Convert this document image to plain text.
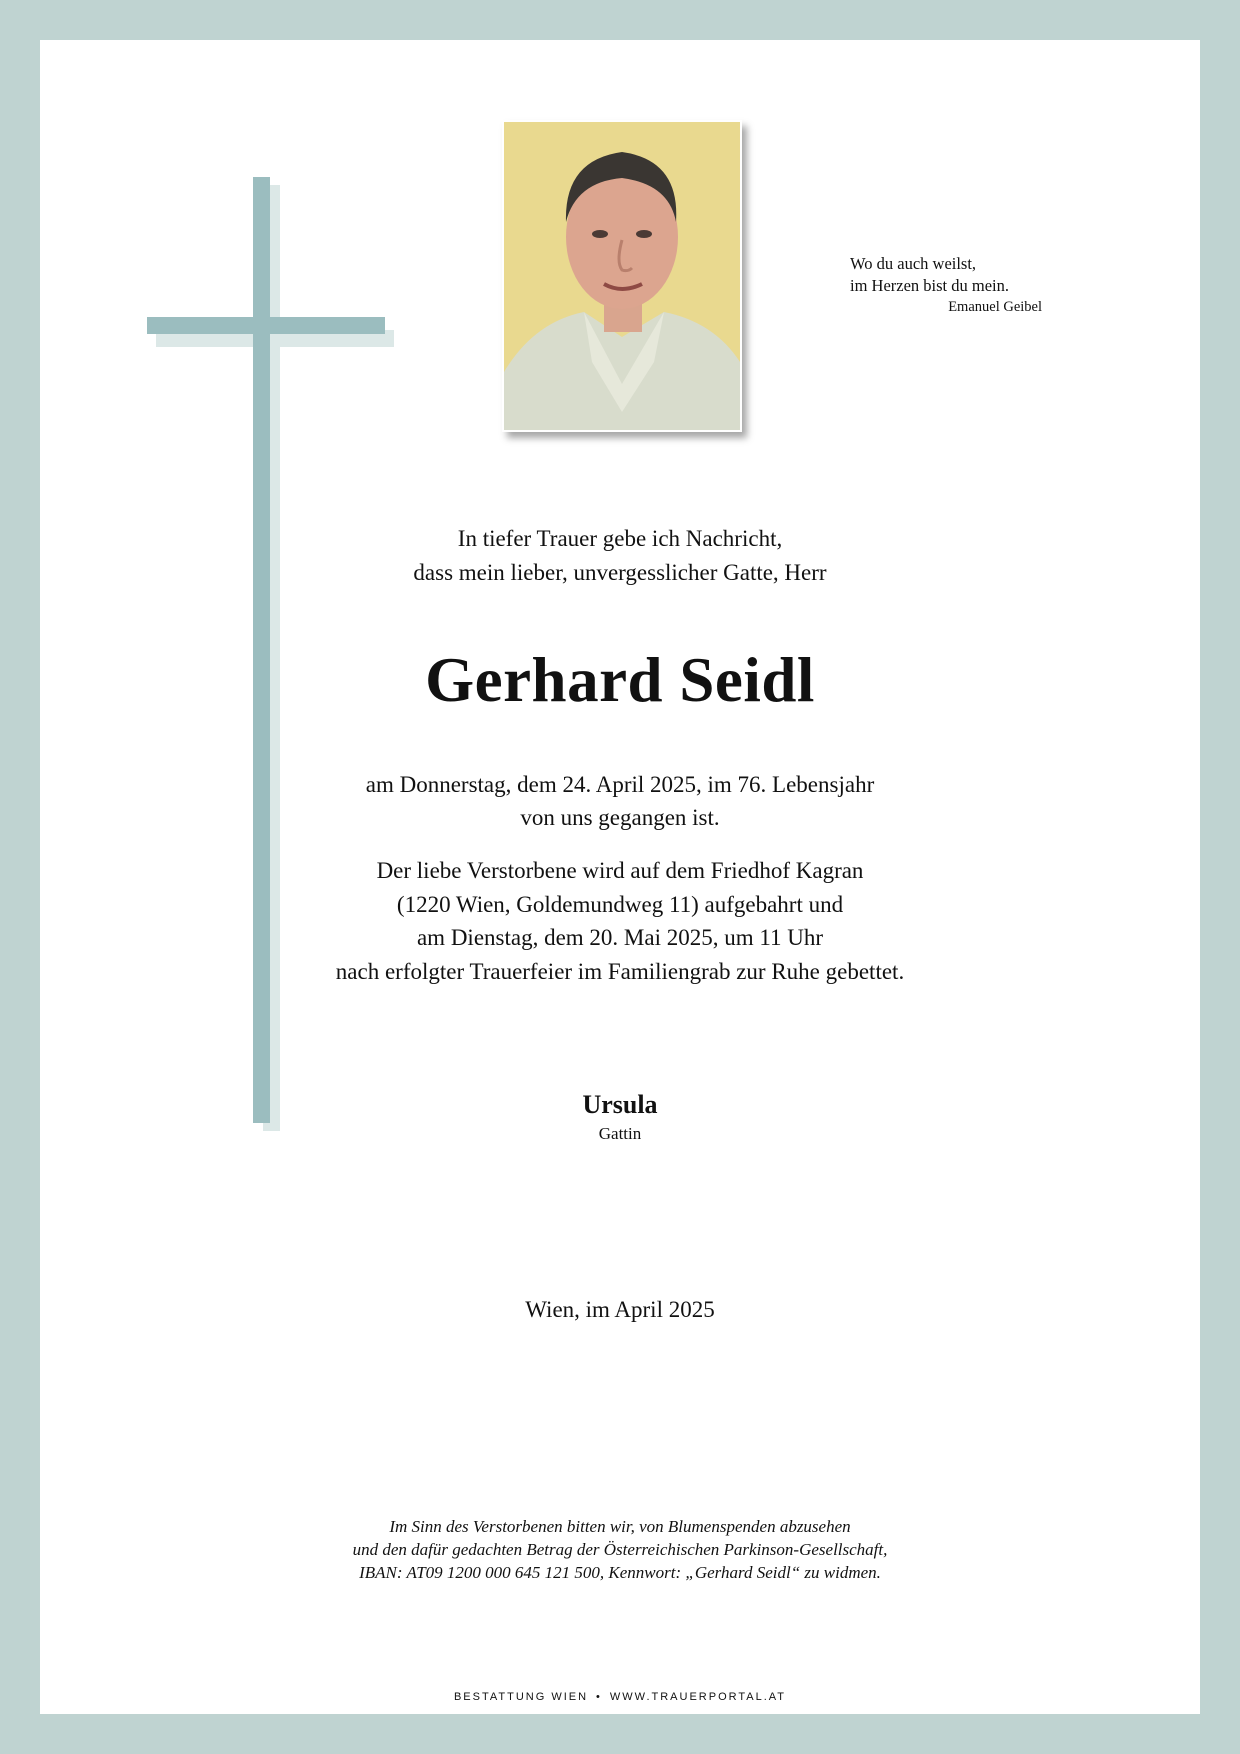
Wo du auch weilst,
im Herzen bist du mein.
Emanuel Geibel
In tiefer Trauer gebe ich Nachricht,
dass mein lieber, unvergesslicher Gatte, Herr
Gerhard Seidl
am Donnerstag, dem 24. April 2025, im 76. Lebensjahr
von uns gegangen ist.
Der liebe Verstorbene wird auf dem Friedhof Kagran
(1220 Wien, Goldemundweg 11) aufgebahrt und
am Dienstag, dem 20. Mai 2025, um 11 Uhr
nach erfolgter Trauerfeier im Familiengrab zur Ruhe gebettet.
Ursula
Gattin
Wien, im April 2025
Im Sinn des Verstorbenen bitten wir, von Blumenspenden abzusehen
und den dafür gedachten Betrag der Österreichischen Parkinson-Gesellschaft,
IBAN: AT09 1200 000 645 121 500, Kennwort: „Gerhard Seidl“ zu widmen.
BESTATTUNG WIEN • WWW.TRAUERPORTAL.AT
